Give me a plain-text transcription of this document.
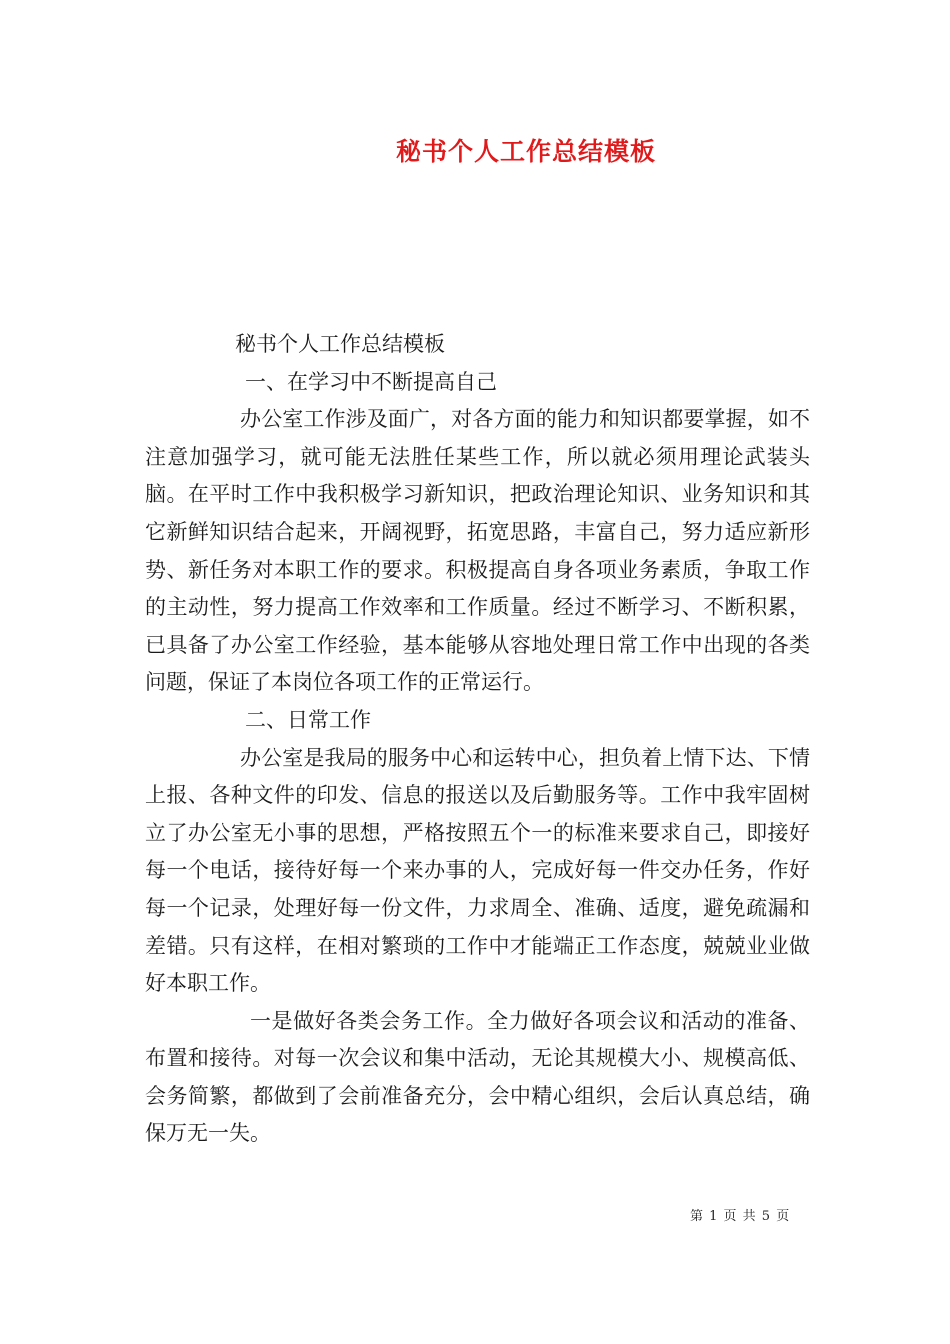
秘书个人工作总结模板

秘书个人工作总结模板

一、在学习中不断提高自己

办公室工作涉及面广，对各方面的能力和知识都要掌握，如不注意加强学习，就可能无法胜任某些工作，所以就必须用理论武装头脑。在平时工作中我积极学习新知识，把政治理论知识、业务知识和其它新鲜知识结合起来，开阔视野，拓宽思路，丰富自己，努力适应新形势、新任务对本职工作的要求。积极提高自身各项业务素质，争取工作的主动性，努力提高工作效率和工作质量。经过不断学习、不断积累，已具备了办公室工作经验，基本能够从容地处理日常工作中出现的各类问题，保证了本岗位各项工作的正常运行。

二、日常工作

办公室是我局的服务中心和运转中心，担负着上情下达、下情上报、各种文件的印发、信息的报送以及后勤服务等。工作中我牢固树立了办公室无小事的思想，严格按照五个一的标准来要求自己，即接好每一个电话，接待好每一个来办事的人，完成好每一件交办任务，作好每一个记录，处理好每一份文件，力求周全、准确、适度，避免疏漏和差错。只有这样，在相对繁琐的工作中才能端正工作态度，兢兢业业做好本职工作。

一是做好各类会务工作。全力做好各项会议和活动的准备、布置和接待。对每一次会议和集中活动，无论其规模大小、规模高低、会务简繁，都做到了会前准备充分，会中精心组织，会后认真总结，确保万无一失。

第 1 页 共 5 页
